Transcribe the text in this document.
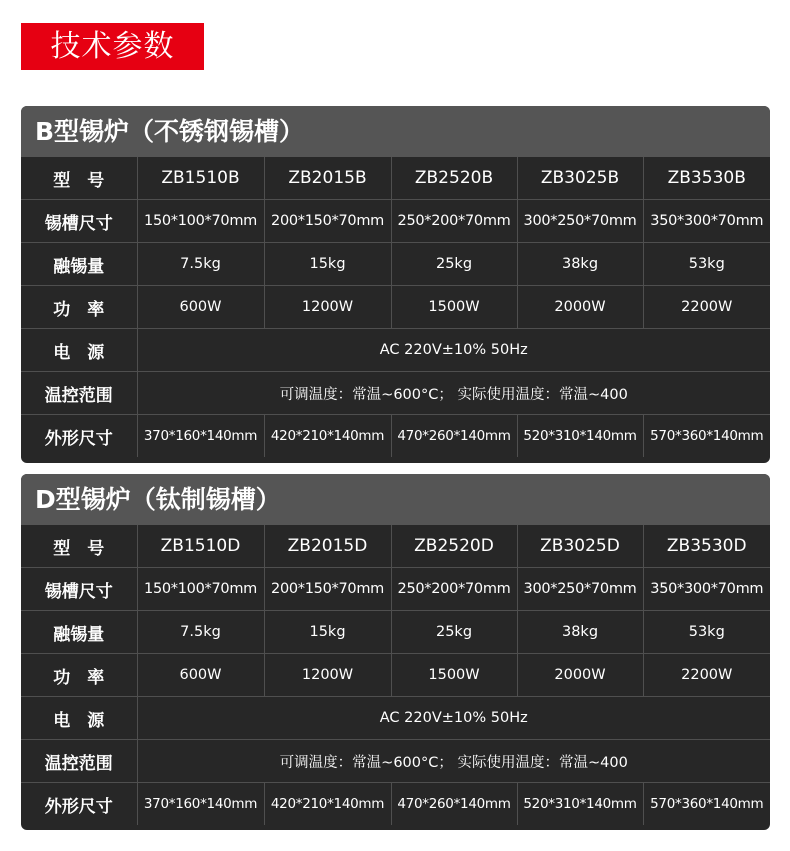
技术参数
B型锡炉（不锈钢锡槽）
型　号	ZB1510B	ZB2015B	ZB2520B	ZB3025B	ZB3530B
锡槽尺寸	150*100*70mm	200*150*70mm	250*200*70mm	300*250*70mm	350*300*70mm
融锡量	7.5kg	15kg	25kg	38kg	53kg
功　率	600W	1200W	1500W	2000W	2200W
电　源	AC 220V±10% 50Hz				
温控范围	可调温度：常温~600°C； 实际使用温度：常温~400				
外形尺寸	370*160*140mm	420*210*140mm	470*260*140mm	520*310*140mm	570*360*140mm
D型锡炉（钛制锡槽）
型　号	ZB1510D	ZB2015D	ZB2520D	ZB3025D	ZB3530D
锡槽尺寸	150*100*70mm	200*150*70mm	250*200*70mm	300*250*70mm	350*300*70mm
融锡量	7.5kg	15kg	25kg	38kg	53kg
功　率	600W	1200W	1500W	2000W	2200W
电　源	AC 220V±10% 50Hz				
温控范围	可调温度：常温~600°C； 实际使用温度：常温~400				
外形尺寸	370*160*140mm	420*210*140mm	470*260*140mm	520*310*140mm	570*360*140mm
